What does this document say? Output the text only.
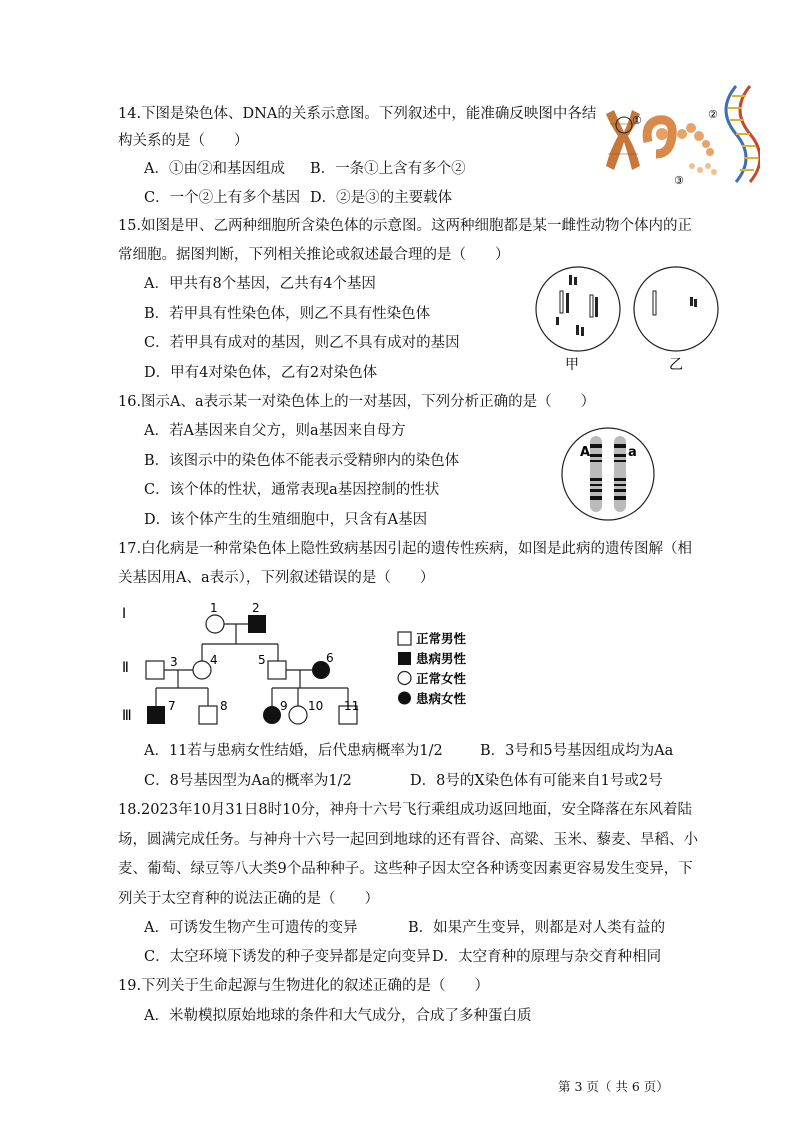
14.下图是染色体、DNA的关系示意图。下列叙述中，能准确反映图中各结
构关系的是（　　）
A．①由②和基因组成 B．一条①上含有多个②
C．一个②上有多个基因 D．②是③的主要载体
①	②
③
15.如图是甲、乙两种细胞所含染色体的示意图。这两种细胞都是某一雌性动物个体内的正
常细胞。据图判断，下列相关推论或叙述最合理的是（　　）
A．甲共有8个基因，乙共有4个基因
B．若甲具有性染色体，则乙不具有性染色体
C．若甲具有成对的基因，则乙不具有成对的基因
D．甲有4对染色体，乙有2对染色体	甲	乙
16.图示A、a表示某一对染色体上的一对基因，下列分析正确的是（　　）
A．若A基因来自父方，则a基因来自母方
B．该图示中的染色体不能表示受精卵内的染色体
C．该个体的性状，通常表现a基因控制的性状
D．该个体产生的生殖细胞中，只含有A基因
A	a
17.白化病是一种常染色体上隐性致病基因引起的遗传性疾病，如图是此病的遗传图解（相
关基因用A、a表示），下列叙述错误的是（　　）
Ⅰ
Ⅱ
Ⅲ
1	2
3	4	5	6
7	8	9 10 11
正常男性
患病男性
正常女性
患病女性
A．11若与患病女性结婚，后代患病概率为1/2	B．3号和5号基因组成均为Aa
C．8号基因型为Aa的概率为1/2	D．8号的X染色体有可能来自1号或2号
18.2023年10月31日8时10分，神舟十六号飞行乘组成功返回地面，安全降落在东风着陆
场，圆满完成任务。与神舟十六号一起回到地球的还有晋谷、高粱、玉米、藜麦、旱稻、小
麦、葡萄、绿豆等八大类9个品种种子。这些种子因太空各种诱变因素更容易发生变异，下
列关于太空育种的说法正确的是（　　）
A．可诱发生物产生可遗传的变异	B．如果产生变异，则都是对人类有益的
C．太空环境下诱发的种子变异都是定向变异 D．太空育种的原理与杂交育种相同
19.下列关于生命起源与生物进化的叙述正确的是（　　）
A．米勒模拟原始地球的条件和大气成分，合成了多种蛋白质
第 3 页（ 共 6 页）
